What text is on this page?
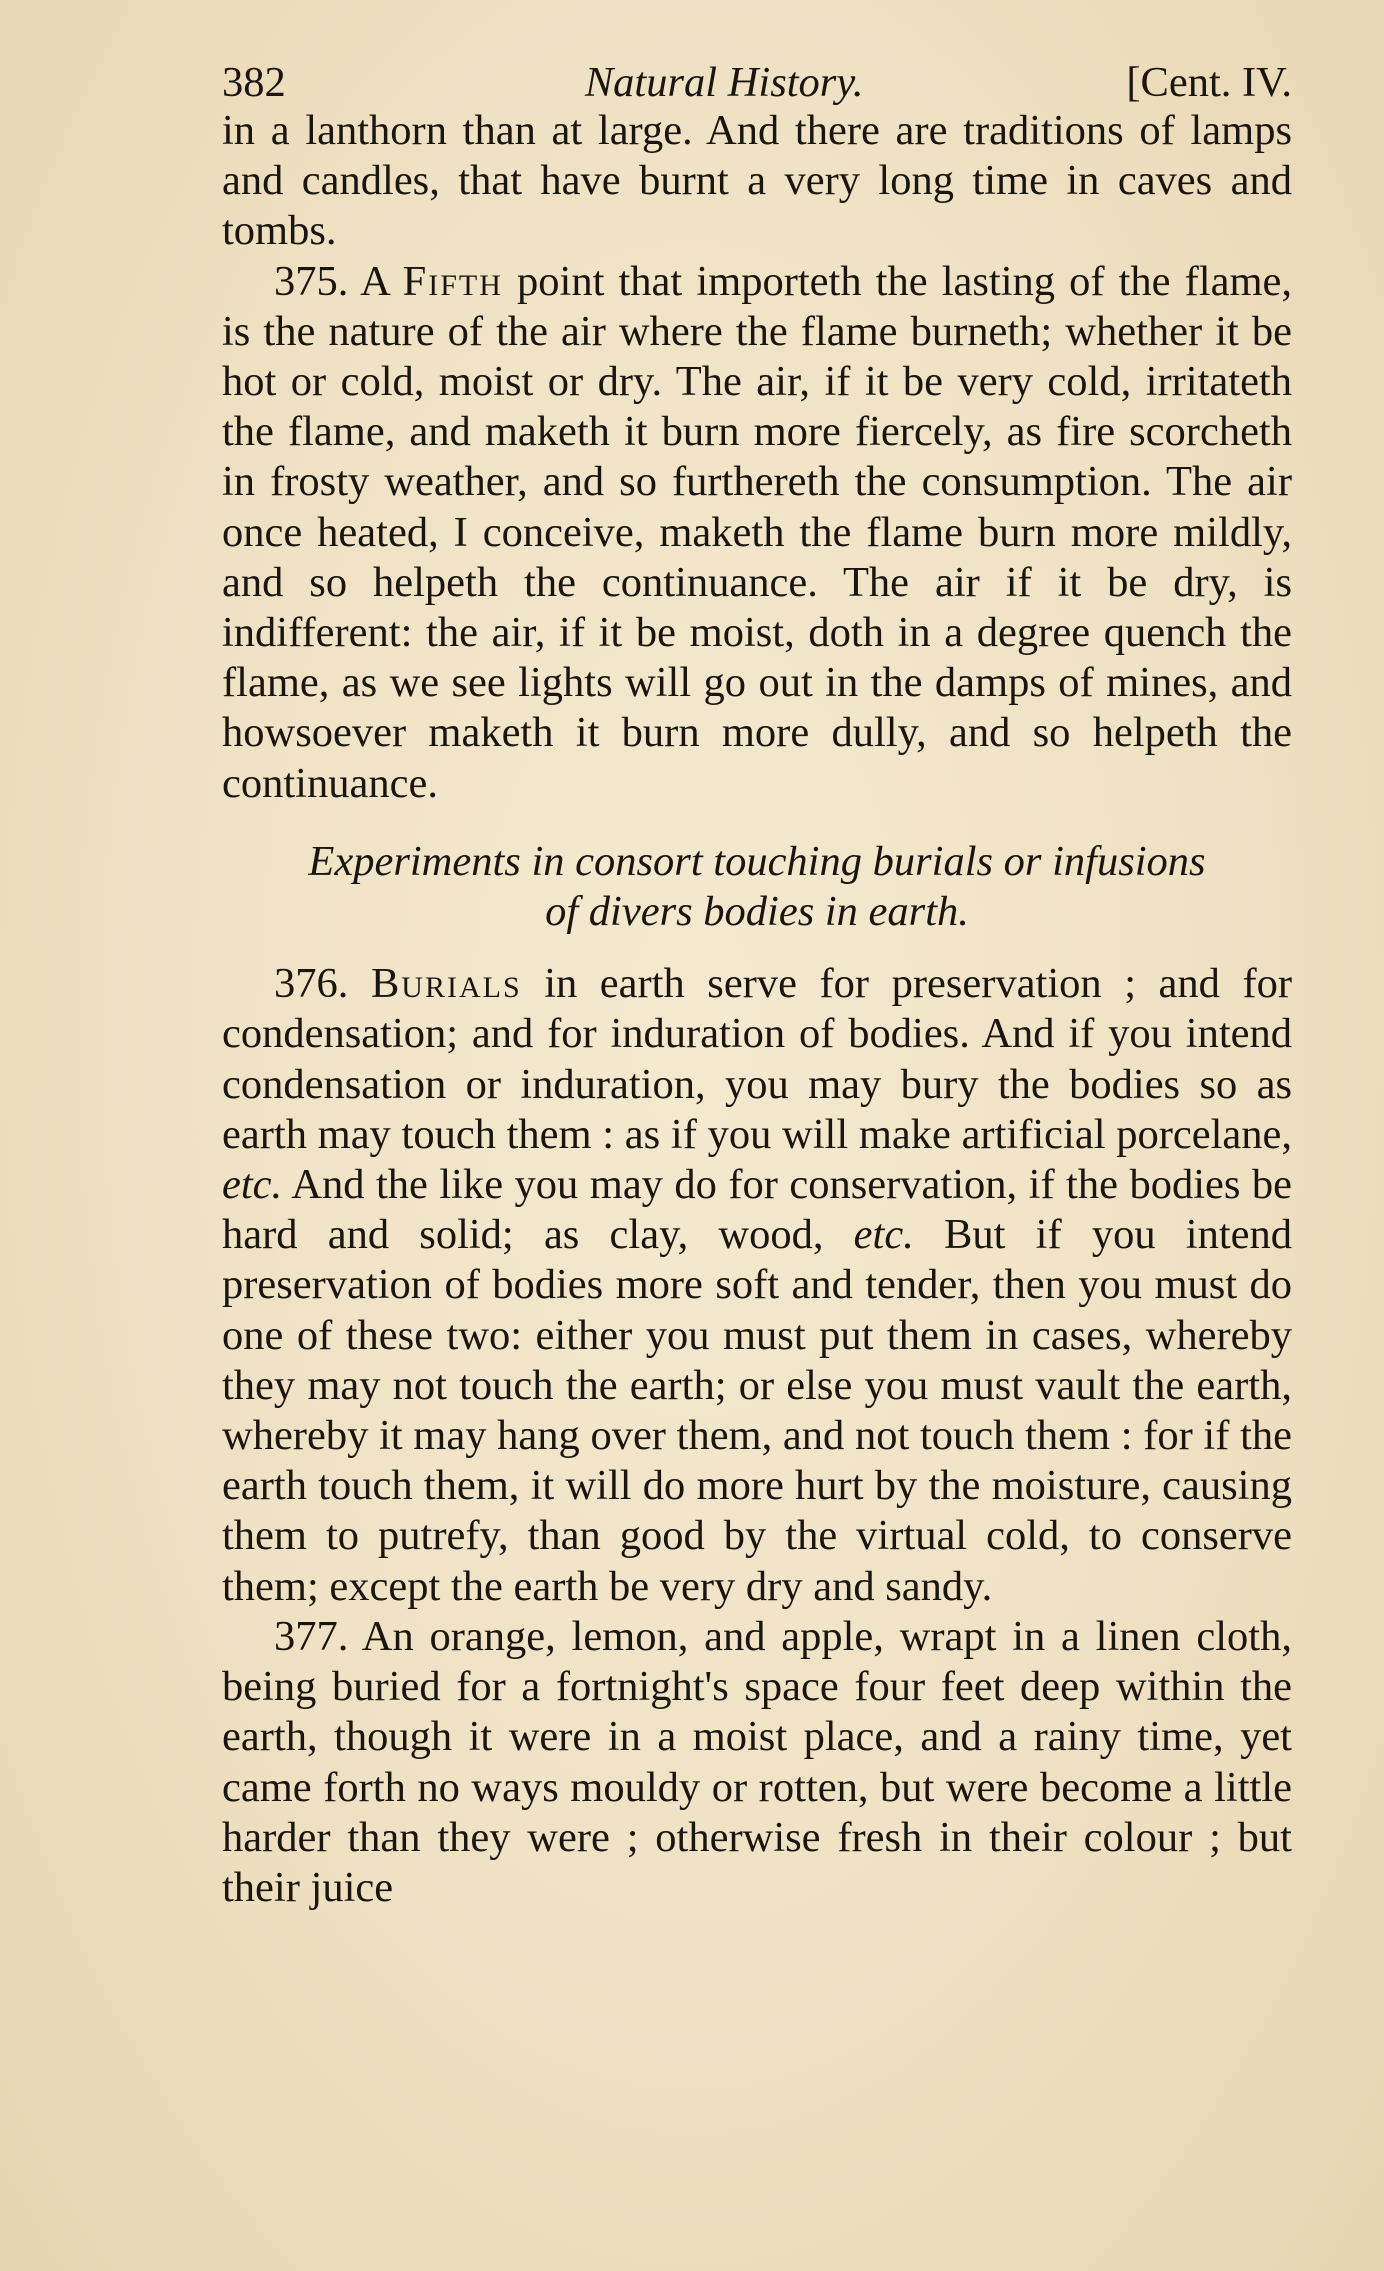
382	Natural History.	[Cent. IV.

in a lanthorn than at large. And there are traditions of lamps and candles, that have burnt a very long time in caves and tombs.

375. A Fifth point that importeth the lasting of the flame, is the nature of the air where the flame burneth; whether it be hot or cold, moist or dry. The air, if it be very cold, irritateth the flame, and maketh it burn more fiercely, as fire scorcheth in frosty weather, and so furthereth the consumption. The air once heated, I conceive, maketh the flame burn more mildly, and so helpeth the continuance. The air if it be dry, is indifferent: the air, if it be moist, doth in a degree quench the flame, as we see lights will go out in the damps of mines, and howsoever maketh it burn more dully, and so helpeth the continuance.

Experiments in consort touching burials or infusions
of divers bodies in earth.

376. Burials in earth serve for preservation ; and for condensation; and for induration of bodies. And if you intend condensation or induration, you may bury the bodies so as earth may touch them : as if you will make artificial porcelane, etc. And the like you may do for conservation, if the bodies be hard and solid; as clay, wood, etc. But if you intend preservation of bodies more soft and tender, then you must do one of these two: either you must put them in cases, whereby they may not touch the earth; or else you must vault the earth, whereby it may hang over them, and not touch them : for if the earth touch them, it will do more hurt by the moisture, causing them to putrefy, than good by the virtual cold, to conserve them; except the earth be very dry and sandy.

377. An orange, lemon, and apple, wrapt in a linen cloth, being buried for a fortnight's space four feet deep within the earth, though it were in a moist place, and a rainy time, yet came forth no ways mouldy or rotten, but were become a little harder than they were ; otherwise fresh in their colour ; but their juice
